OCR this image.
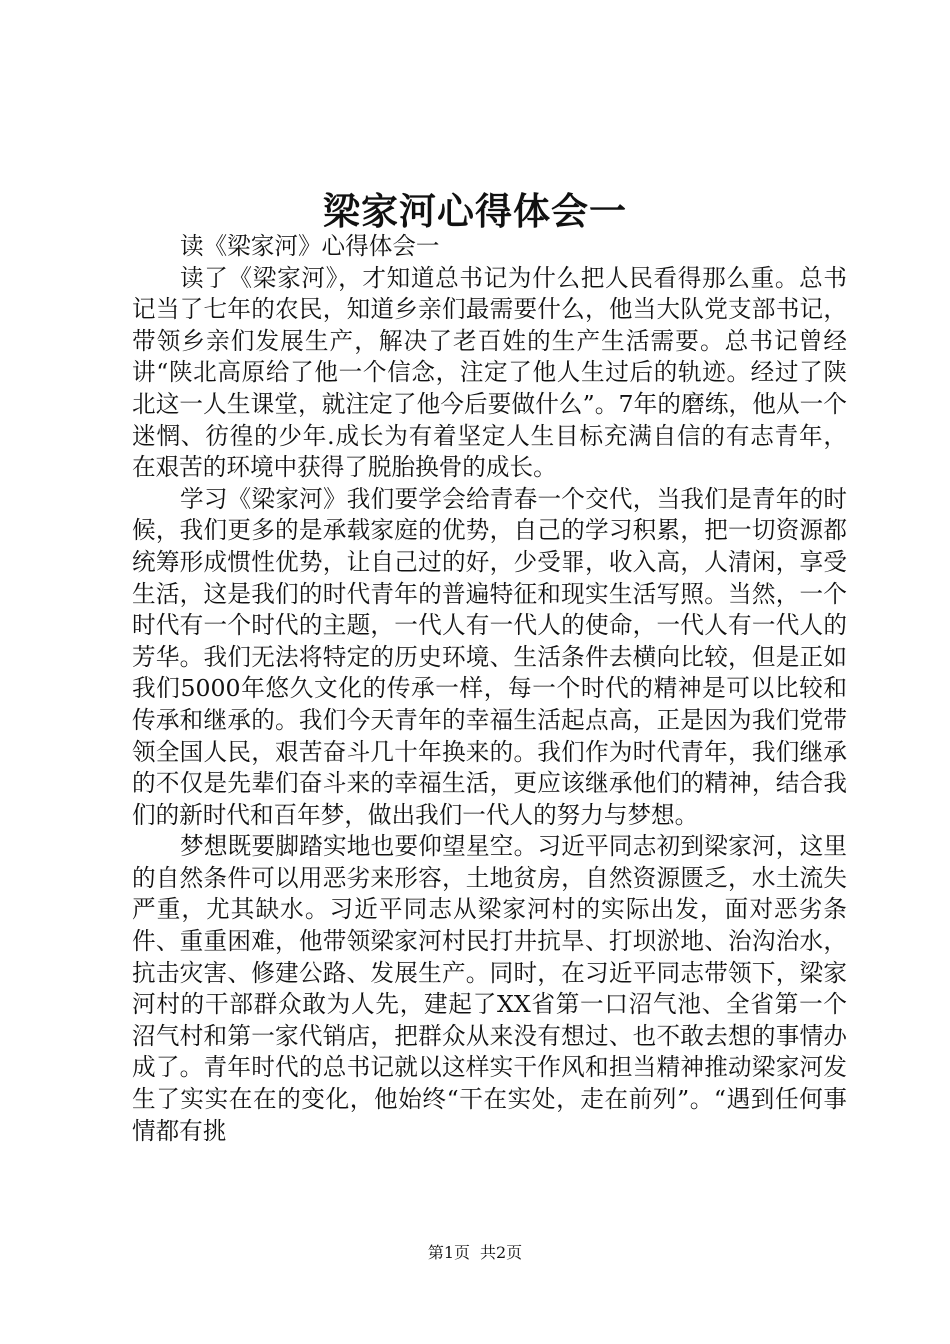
梁家河心得体会一

读《梁家河》心得体会一

读了《梁家河》，才知道总书记为什么把人民看得那么重。总书记当了七年的农民，知道乡亲们最需要什么，他当大队党支部书记，带领乡亲们发展生产，解决了老百姓的生产生活需要。总书记曾经讲“陕北高原给了他一个信念，注定了他人生过后的轨迹。经过了陕北这一人生课堂，就注定了他今后要做什么”。7年的磨练，他从一个迷惘、彷徨的少年.成长为有着坚定人生目标充满自信的有志青年，在艰苦的环境中获得了脱胎换骨的成长。

学习《梁家河》我们要学会给青春一个交代，当我们是青年的时候，我们更多的是承载家庭的优势，自己的学习积累，把一切资源都统筹形成惯性优势，让自己过的好，少受罪，收入高，人清闲，享受生活，这是我们的时代青年的普遍特征和现实生活写照。当然，一个时代有一个时代的主题，一代人有一代人的使命，一代人有一代人的芳华。我们无法将特定的历史环境、生活条件去横向比较，但是正如我们5000年悠久文化的传承一样，每一个时代的精神是可以比较和传承和继承的。我们今天青年的幸福生活起点高，正是因为我们党带领全国人民，艰苦奋斗几十年换来的。我们作为时代青年，我们继承的不仅是先辈们奋斗来的幸福生活，更应该继承他们的精神，结合我们的新时代和百年梦，做出我们一代人的努力与梦想。

梦想既要脚踏实地也要仰望星空。习近平同志初到梁家河，这里的自然条件可以用恶劣来形容，土地贫房，自然资源匮乏，水土流失严重，尤其缺水。习近平同志从梁家河村的实际出发，面对恶劣条件、重重困难，他带领梁家河村民打井抗旱、打坝淤地、治沟治水，抗击灾害、修建公路、发展生产。同时，在习近平同志带领下，梁家河村的干部群众敢为人先，建起了XX省第一口沼气池、全省第一个沼气村和第一家代销店，把群众从来没有想过、也不敢去想的事情办成了。青年时代的总书记就以这样实干作风和担当精神推动梁家河发生了实实在在的变化，他始终“干在实处，走在前列”。“遇到任何事情都有挑

第1页 共2页
